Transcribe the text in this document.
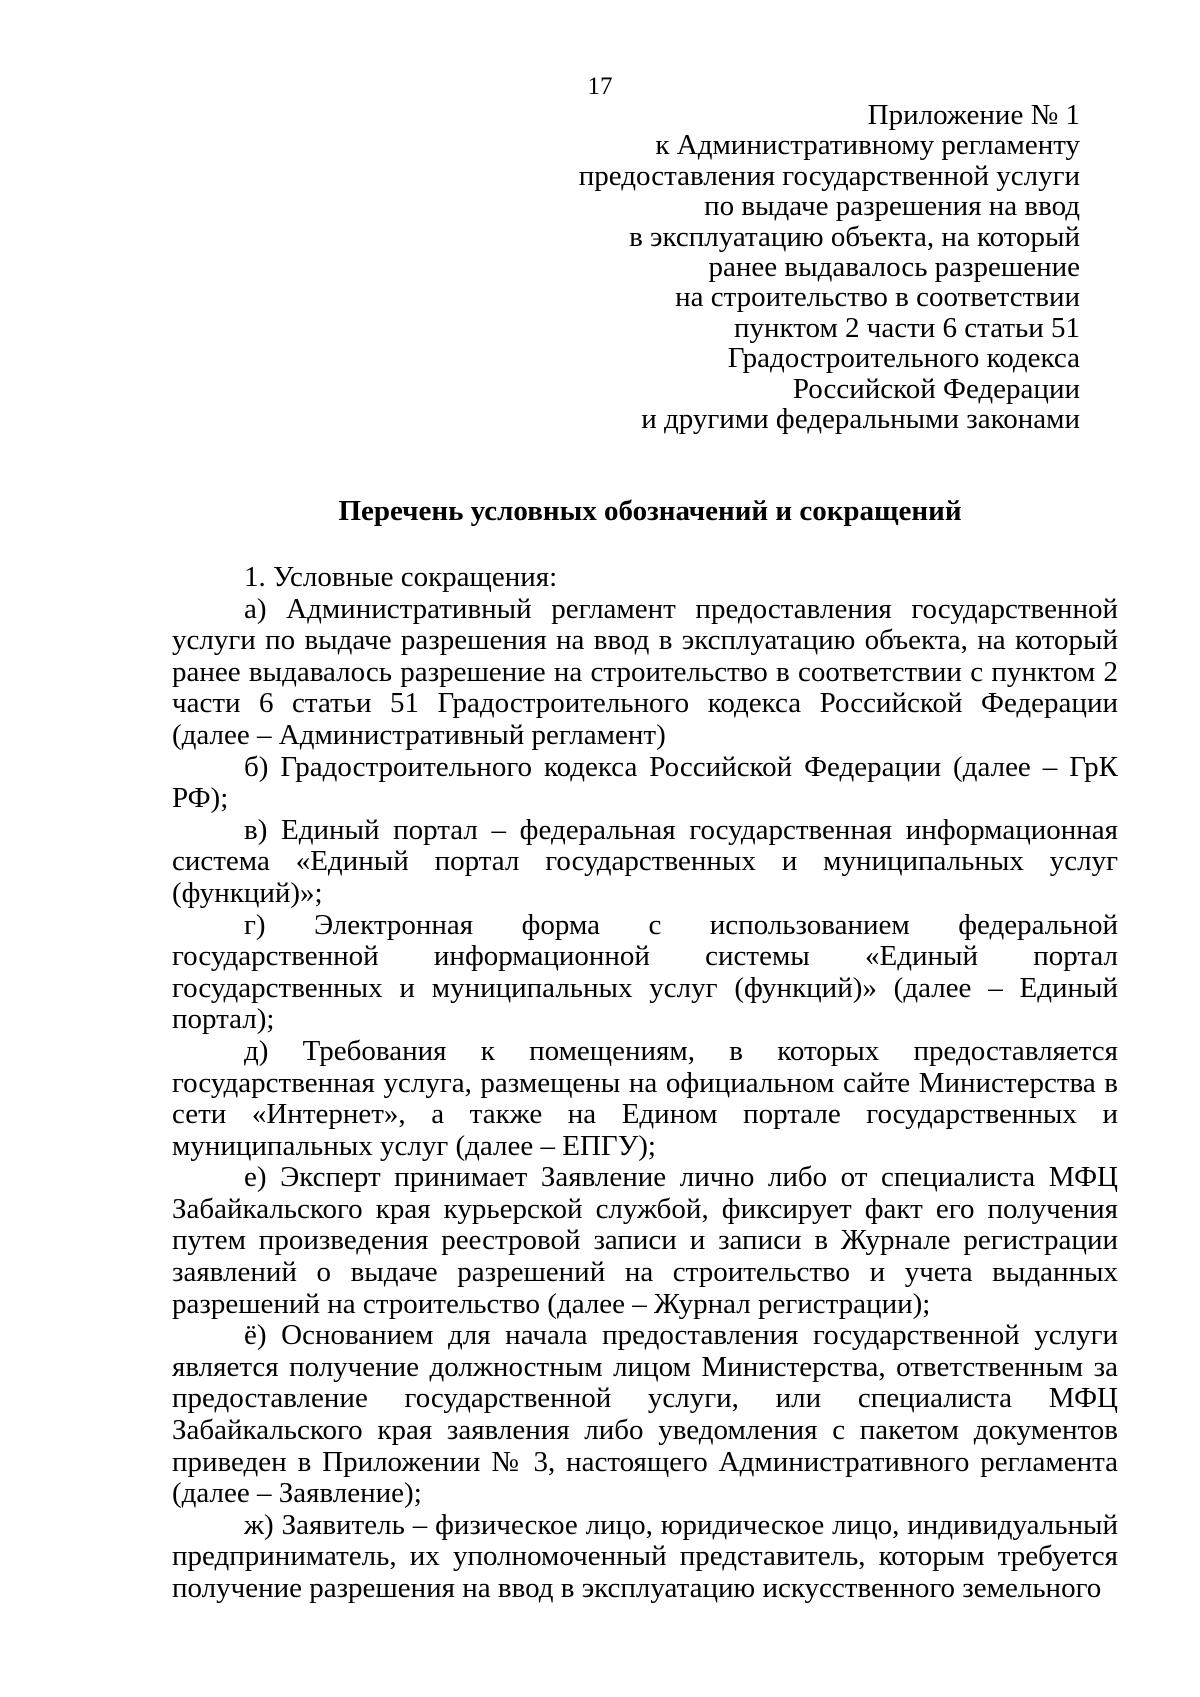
17
Приложение № 1
к Административному регламенту
предоставления государственной услуги
по выдаче разрешения на ввод
в эксплуатацию объекта, на который
ранее выдавалось разрешение
на строительство в соответствии
пунктом 2 части 6 статьи 51
Градостроительного кодекса
Российской Федерации
и другими федеральными законами
Перечень условных обозначений и сокращений

1. Условные сокращения:

а) Административный регламент предоставления государственной услуги по выдаче разрешения на ввод в эксплуатацию объекта, на который ранее выдавалось разрешение на строительство в соответствии с пунктом 2 части 6 статьи 51 Градостроительного кодекса Российской Федерации (далее – Административный регламент)

б) Градостроительного кодекса Российской Федерации (далее – ГрК РФ);

в) Единый портал – федеральная государственная информационная система «Единый портал государственных и муниципальных услуг (функций)»;

г) Электронная форма с использованием федеральной государственной информационной системы «Единый портал государственных и муниципальных услуг (функций)» (далее – Единый портал);

д) Требования к помещениям, в которых предоставляется государственная услуга, размещены на официальном сайте Министерства в сети «Интернет», а также на Едином портале государственных и муниципальных услуг (далее – ЕПГУ);

е) Эксперт принимает Заявление лично либо от специалиста МФЦ Забайкальского края курьерской службой, фиксирует факт его получения путем произведения реестровой записи и записи в Журнале регистрации заявлений о выдаче разрешений на строительство и учета выданных разрешений на строительство (далее – Журнал регистрации);

ё) Основанием для начала предоставления государственной услуги является получение должностным лицом Министерства, ответственным за предоставление государственной услуги, или специалиста МФЦ Забайкальского края заявления либо уведомления с пакетом документов приведен в Приложении № 3, настоящего Административного регламента (далее – Заявление);

ж) Заявитель – физическое лицо, юридическое лицо, индивидуальный предприниматель, их уполномоченный представитель, которым требуется получение разрешения на ввод в эксплуатацию искусственного земельного
